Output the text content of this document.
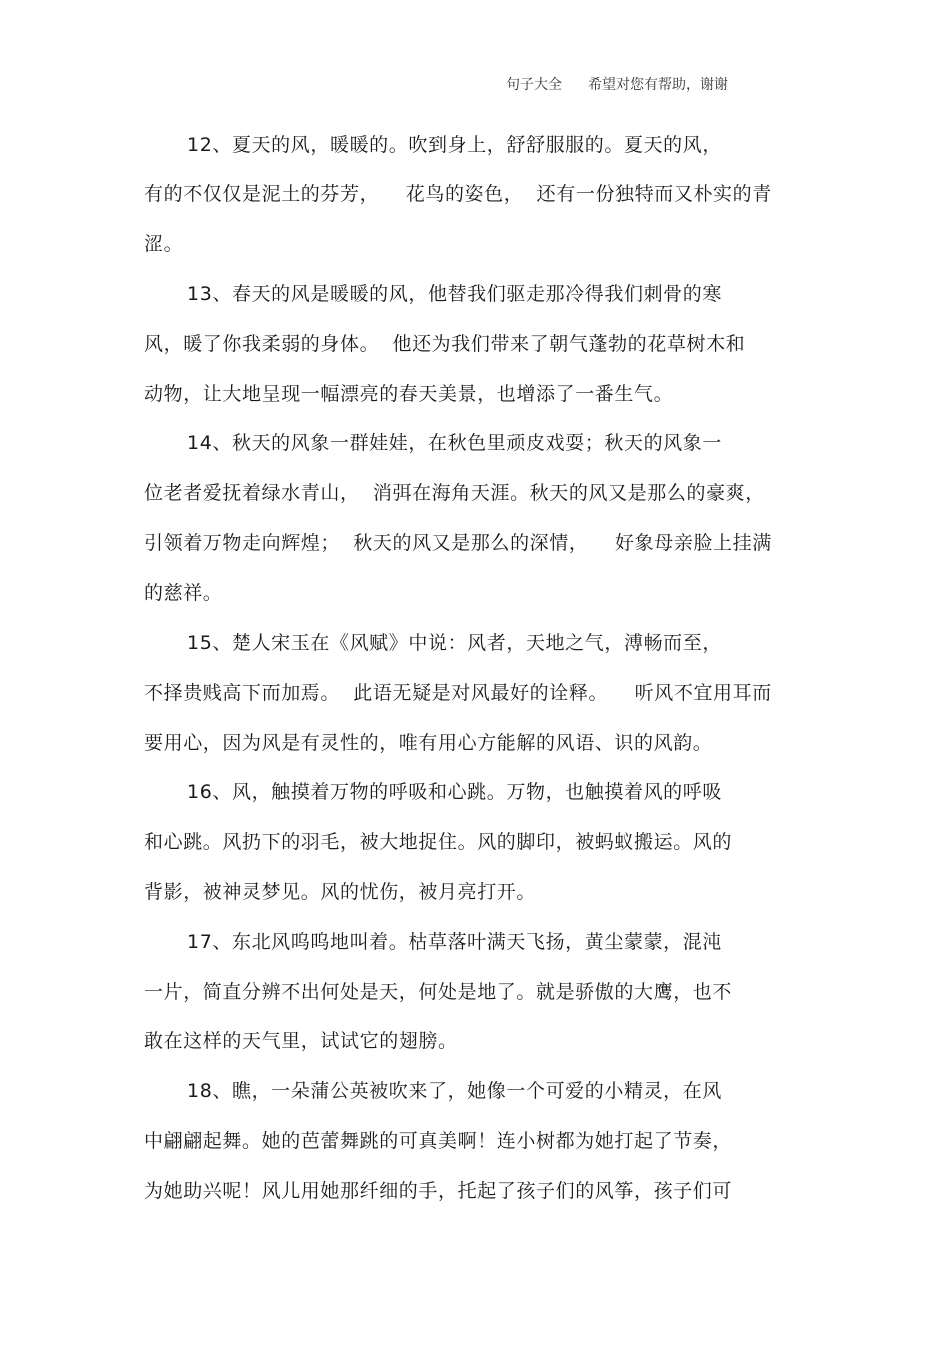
句子大全 希望对您有帮助，谢谢
12、夏天的风，暖暖的。吹到身上，舒舒服服的。夏天的风，
有的不仅仅是泥土的芬芳，    花鸟的姿色，  还有一份独特而又朴实的青
涩。
13、春天的风是暖暖的风，他替我们驱走那冷得我们刺骨的寒
风，暖了你我柔弱的身体。  他还为我们带来了朝气蓬勃的花草树木和
动物，让大地呈现一幅漂亮的春天美景，也增添了一番生气。
14、秋天的风象一群娃娃，在秋色里顽皮戏耍；秋天的风象一
位老者爱抚着绿水青山，  消弭在海角天涯。秋天的风又是那么的豪爽，
引领着万物走向辉煌；  秋天的风又是那么的深情，    好象母亲脸上挂满
的慈祥。
15、楚人宋玉在《风赋》中说：风者，天地之气，溥畅而至，
不择贵贱高下而加焉。  此语无疑是对风最好的诠释。    听风不宜用耳而
要用心，因为风是有灵性的，唯有用心方能解的风语、识的风韵。
16、风，触摸着万物的呼吸和心跳。万物，也触摸着风的呼吸
和心跳。风扔下的羽毛，被大地捉住。风的脚印，被蚂蚁搬运。风的
背影，被神灵梦见。风的忧伤，被月亮打开。
17、东北风呜呜地叫着。枯草落叶满天飞扬，黄尘蒙蒙，混沌
一片，简直分辨不出何处是天，何处是地了。就是骄傲的大鹰，也不
敢在这样的天气里，试试它的翅膀。
18、瞧，一朵蒲公英被吹来了，她像一个可爱的小精灵，在风
中翩翩起舞。她的芭蕾舞跳的可真美啊！连小树都为她打起了节奏，
为她助兴呢！风儿用她那纤细的手，托起了孩子们的风筝，孩子们可
